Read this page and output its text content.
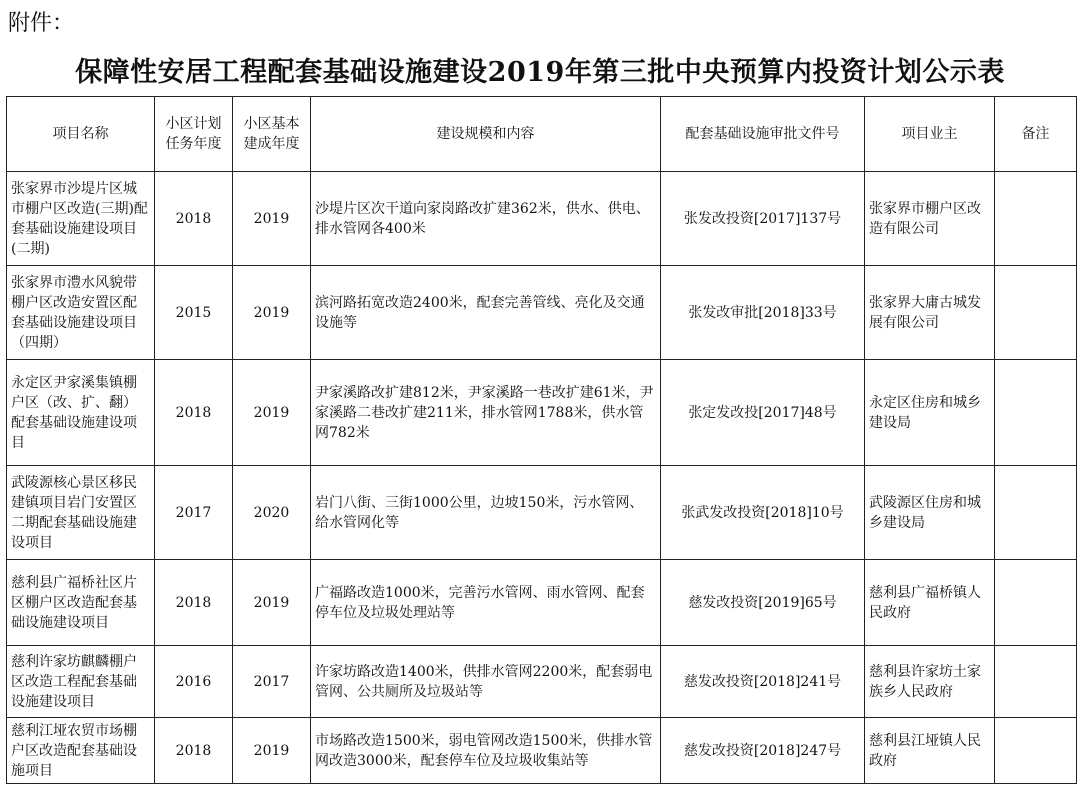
附件：
保障性安居工程配套基础设施建设2019年第三批中央预算内投资计划公示表
项目名称	小区计划任务年度	小区基本建成年度	建设规模和内容	配套基础设施审批文件号	项目业主	备注
张家界市沙堤片区城市棚户区改造(三期)配套基础设施建设项目(二期)	2018	2019	沙堤片区次干道向家岗路改扩建362米，供水、供电、排水管网各400米	张发改投资[2017]137号	张家界市棚户区改造有限公司	
张家界市澧水风貌带棚户区改造安置区配套基础设施建设项目（四期）	2015	2019	滨河路拓宽改造2400米，配套完善管线、亮化及交通设施等	张发改审批[2018]33号	张家界大庸古城发展有限公司	
永定区尹家溪集镇棚户区（改、扩、翻）配套基础设施建设项目	2018	2019	尹家溪路改扩建812米，尹家溪路一巷改扩建61米，尹家溪路二巷改扩建211米，排水管网1788米，供水管网782米	张定发改投[2017]48号	永定区住房和城乡建设局	
武陵源核心景区移民建镇项目岩门安置区二期配套基础设施建设项目	2017	2020	岩门八街、三街1000公里，边坡150米，污水管网、给水管网化等	张武发改投资[2018]10号	武陵源区住房和城乡建设局	
慈利县广福桥社区片区棚户区改造配套基础设施建设项目	2018	2019	广福路改造1000米，完善污水管网、雨水管网、配套停车位及垃圾处理站等	慈发改投资[2019]65号	慈利县广福桥镇人民政府	
慈利许家坊麒麟棚户区改造工程配套基础设施建设项目	2016	2017	许家坊路改造1400米，供排水管网2200米，配套弱电管网、公共厕所及垃圾站等	慈发改投资[2018]241号	慈利县许家坊土家族乡人民政府	
慈利江垭农贸市场棚户区改造配套基础设施项目	2018	2019	市场路改造1500米，弱电管网改造1500米，供排水管网改造3000米，配套停车位及垃圾收集站等	慈发改投资[2018]247号	慈利县江垭镇人民政府	
